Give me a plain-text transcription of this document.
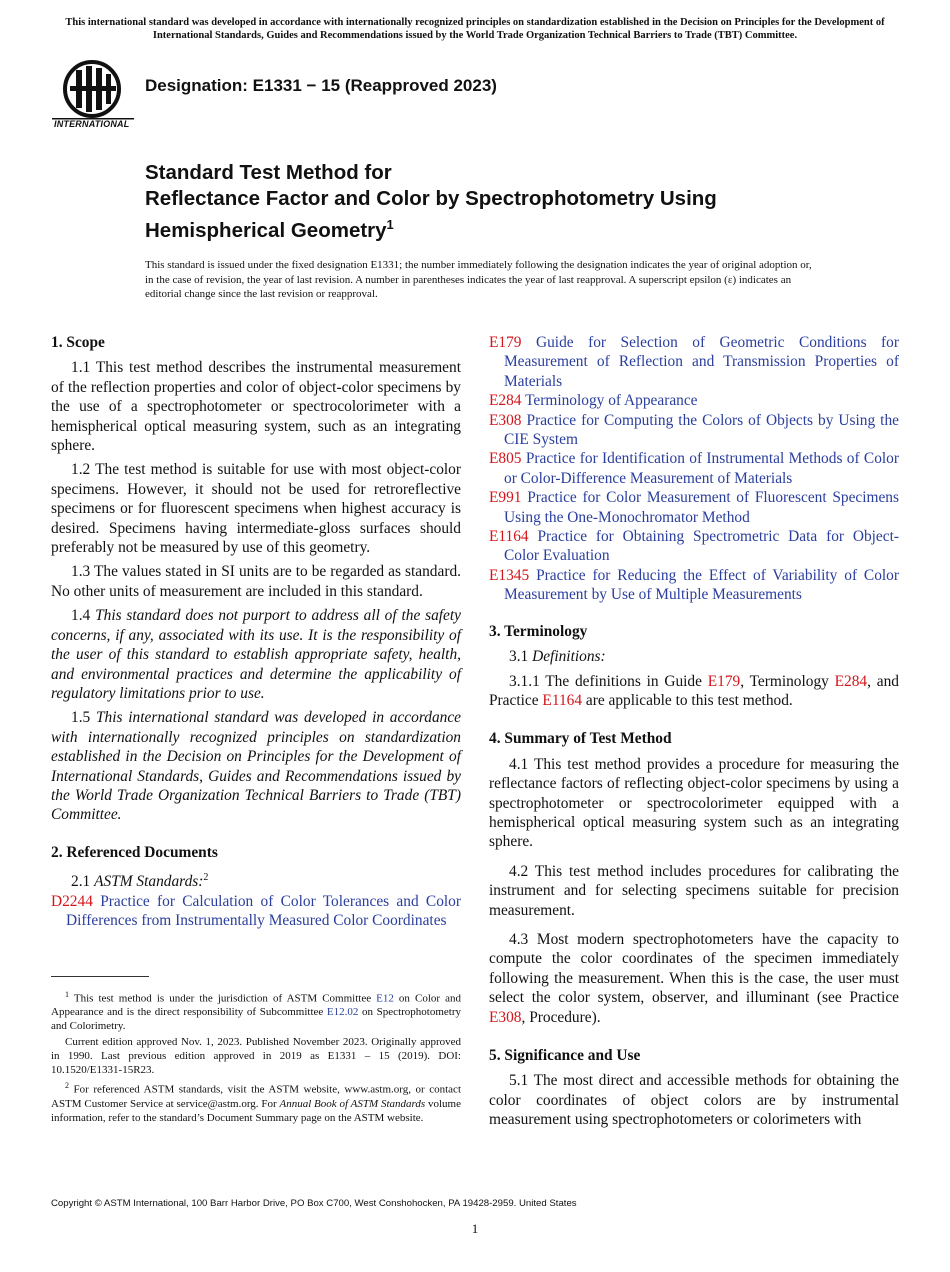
This international standard was developed in accordance with internationally recognized principles on standardization established in the Decision on Principles for the Development of International Standards, Guides and Recommendations issued by the World Trade Organization Technical Barriers to Trade (TBT) Committee.
INTERNATIONAL
Designation: E1331 − 15 (Reapproved 2023)
Standard Test Method for
Reflectance Factor and Color by Spectrophotometry Using
Hemispherical Geometry$^1$
This standard is issued under the fixed designation E1331; the number immediately following the designation indicates the year of original adoption or, in the case of revision, the year of last revision. A number in parentheses indicates the year of last reapproval. A superscript epsilon (ε) indicates an editorial change since the last revision or reapproval.
1. Scope

1.1 This test method describes the instrumental measurement of the reflection properties and color of object-color specimens by the use of a spectrophotometer or spectrocolorimeter with a hemispherical optical measuring system, such as an integrating sphere.

1.2 The test method is suitable for use with most object-color specimens. However, it should not be used for retroreflective specimens or for fluorescent specimens when highest accuracy is desired. Specimens having intermediate-gloss surfaces should preferably not be measured by use of this geometry.

1.3 The values stated in SI units are to be regarded as standard. No other units of measurement are included in this standard.

1.4 This standard does not purport to address all of the safety concerns, if any, associated with its use. It is the responsibility of the user of this standard to establish appropriate safety, health, and environmental practices and determine the applicability of regulatory limitations prior to use.

1.5 This international standard was developed in accordance with internationally recognized principles on standardization established in the Decision on Principles for the Development of International Standards, Guides and Recommendations issued by the World Trade Organization Technical Barriers to Trade (TBT) Committee.

2. Referenced Documents

2.1 ASTM Standards:$^2$

D2244 Practice for Calculation of Color Tolerances and Color Differences from Instrumentally Measured Color Coordinates
E179 Guide for Selection of Geometric Conditions for Measurement of Reflection and Transmission Properties of Materials
E284 Terminology of Appearance
E308 Practice for Computing the Colors of Objects by Using the CIE System
E805 Practice for Identification of Instrumental Methods of Color or Color-Difference Measurement of Materials
E991 Practice for Color Measurement of Fluorescent Specimens Using the One-Monochromator Method
E1164 Practice for Obtaining Spectrometric Data for Object-Color Evaluation
E1345 Practice for Reducing the Effect of Variability of Color Measurement by Use of Multiple Measurements
3. Terminology

3.1 Definitions:

3.1.1 The definitions in Guide E179, Terminology E284, and Practice E1164 are applicable to this test method.

4. Summary of Test Method

4.1 This test method provides a procedure for measuring the reflectance factors of reflecting object-color specimens by using a spectrophotometer or spectrocolorimeter equipped with a hemispherical optical measuring system such as an integrating sphere.

4.2 This test method includes procedures for calibrating the instrument and for selecting specimens suitable for precision measurement.

4.3 Most modern spectrophotometers have the capacity to compute the color coordinates of the specimen immediately following the measurement. When this is the case, the user must select the color system, observer, and illuminant (see Practice E308, Procedure).

5. Significance and Use

5.1 The most direct and accessible methods for obtaining the color coordinates of object colors are by instrumental measurement using spectrophotometers or colorimeters with

$^1$ This test method is under the jurisdiction of ASTM Committee E12 on Color and Appearance and is the direct responsibility of Subcommittee E12.02 on Spectrophotometry and Colorimetry.

Current edition approved Nov. 1, 2023. Published November 2023. Originally approved in 1990. Last previous edition approved in 2019 as E1331 – 15 (2019). DOI: 10.1520/E1331-15R23.

$^2$ For referenced ASTM standards, visit the ASTM website, www.astm.org, or contact ASTM Customer Service at service@astm.org. For Annual Book of ASTM Standards volume information, refer to the standard’s Document Summary page on the ASTM website.

Copyright © ASTM International, 100 Barr Harbor Drive, PO Box C700, West Conshohocken, PA 19428-2959. United States
1
